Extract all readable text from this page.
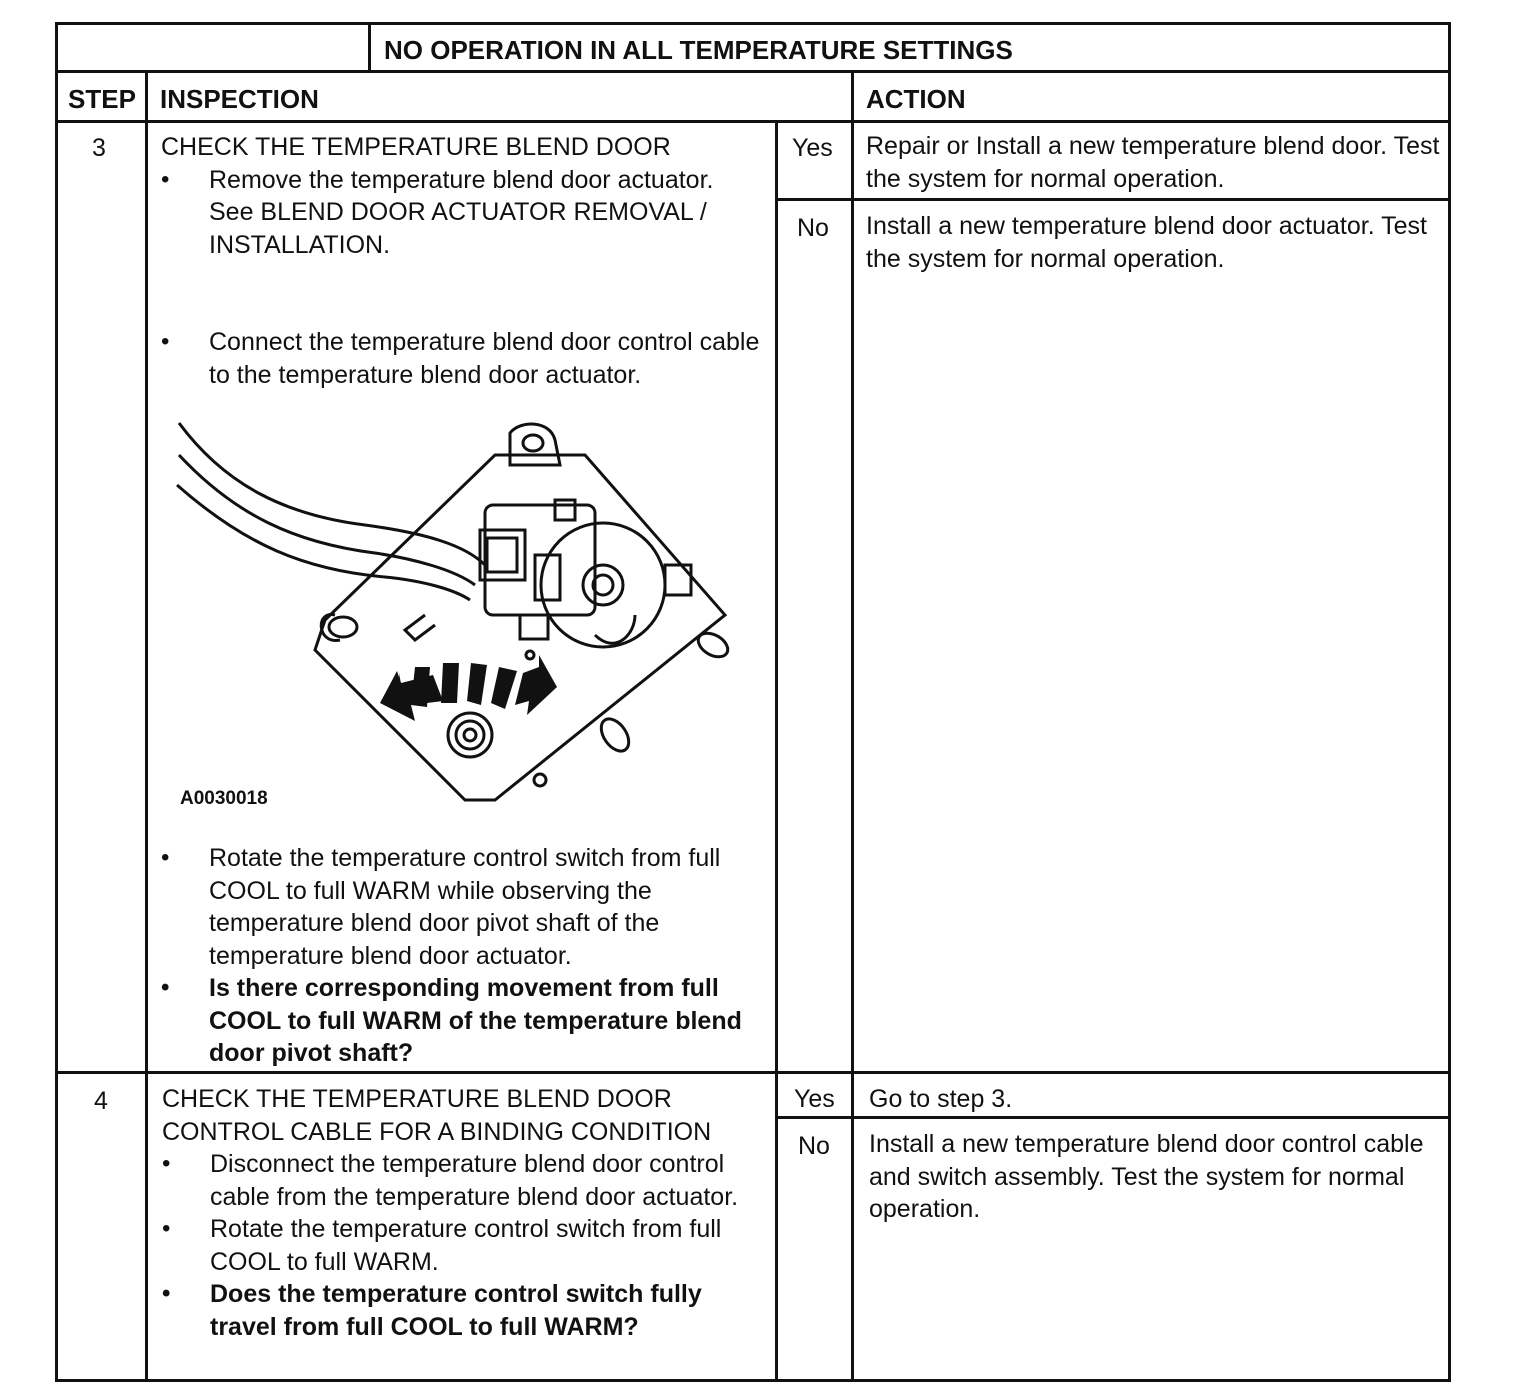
NO OPERATION IN ALL TEMPERATURE SETTINGS
STEP INSPECTION	ACTION
3 CHECK THE TEMPERATURE BLEND DOOR
• Remove the temperature blend door actuator. See BLEND DOOR ACTUATOR REMOVAL / INSTALLATION.
• Connect the temperature blend door control cable to the temperature blend door actuator.
A0030018
• Rotate the temperature control switch from full COOL to full WARM while observing the temperature blend door pivot shaft of the temperature blend door actuator.
• Is there corresponding movement from full COOL to full WARM of the temperature blend door pivot shaft?
Yes Repair or Install a new temperature blend door. Test the system for normal operation.
No Install a new temperature blend door actuator. Test the system for normal operation.
4 CHECK THE TEMPERATURE BLEND DOOR CONTROL CABLE FOR A BINDING CONDITION
• Disconnect the temperature blend door control cable from the temperature blend door actuator.
• Rotate the temperature control switch from full COOL to full WARM.
• Does the temperature control switch fully travel from full COOL to full WARM?
Yes Go to step 3.
No Install a new temperature blend door control cable and switch assembly. Test the system for normal operation.
